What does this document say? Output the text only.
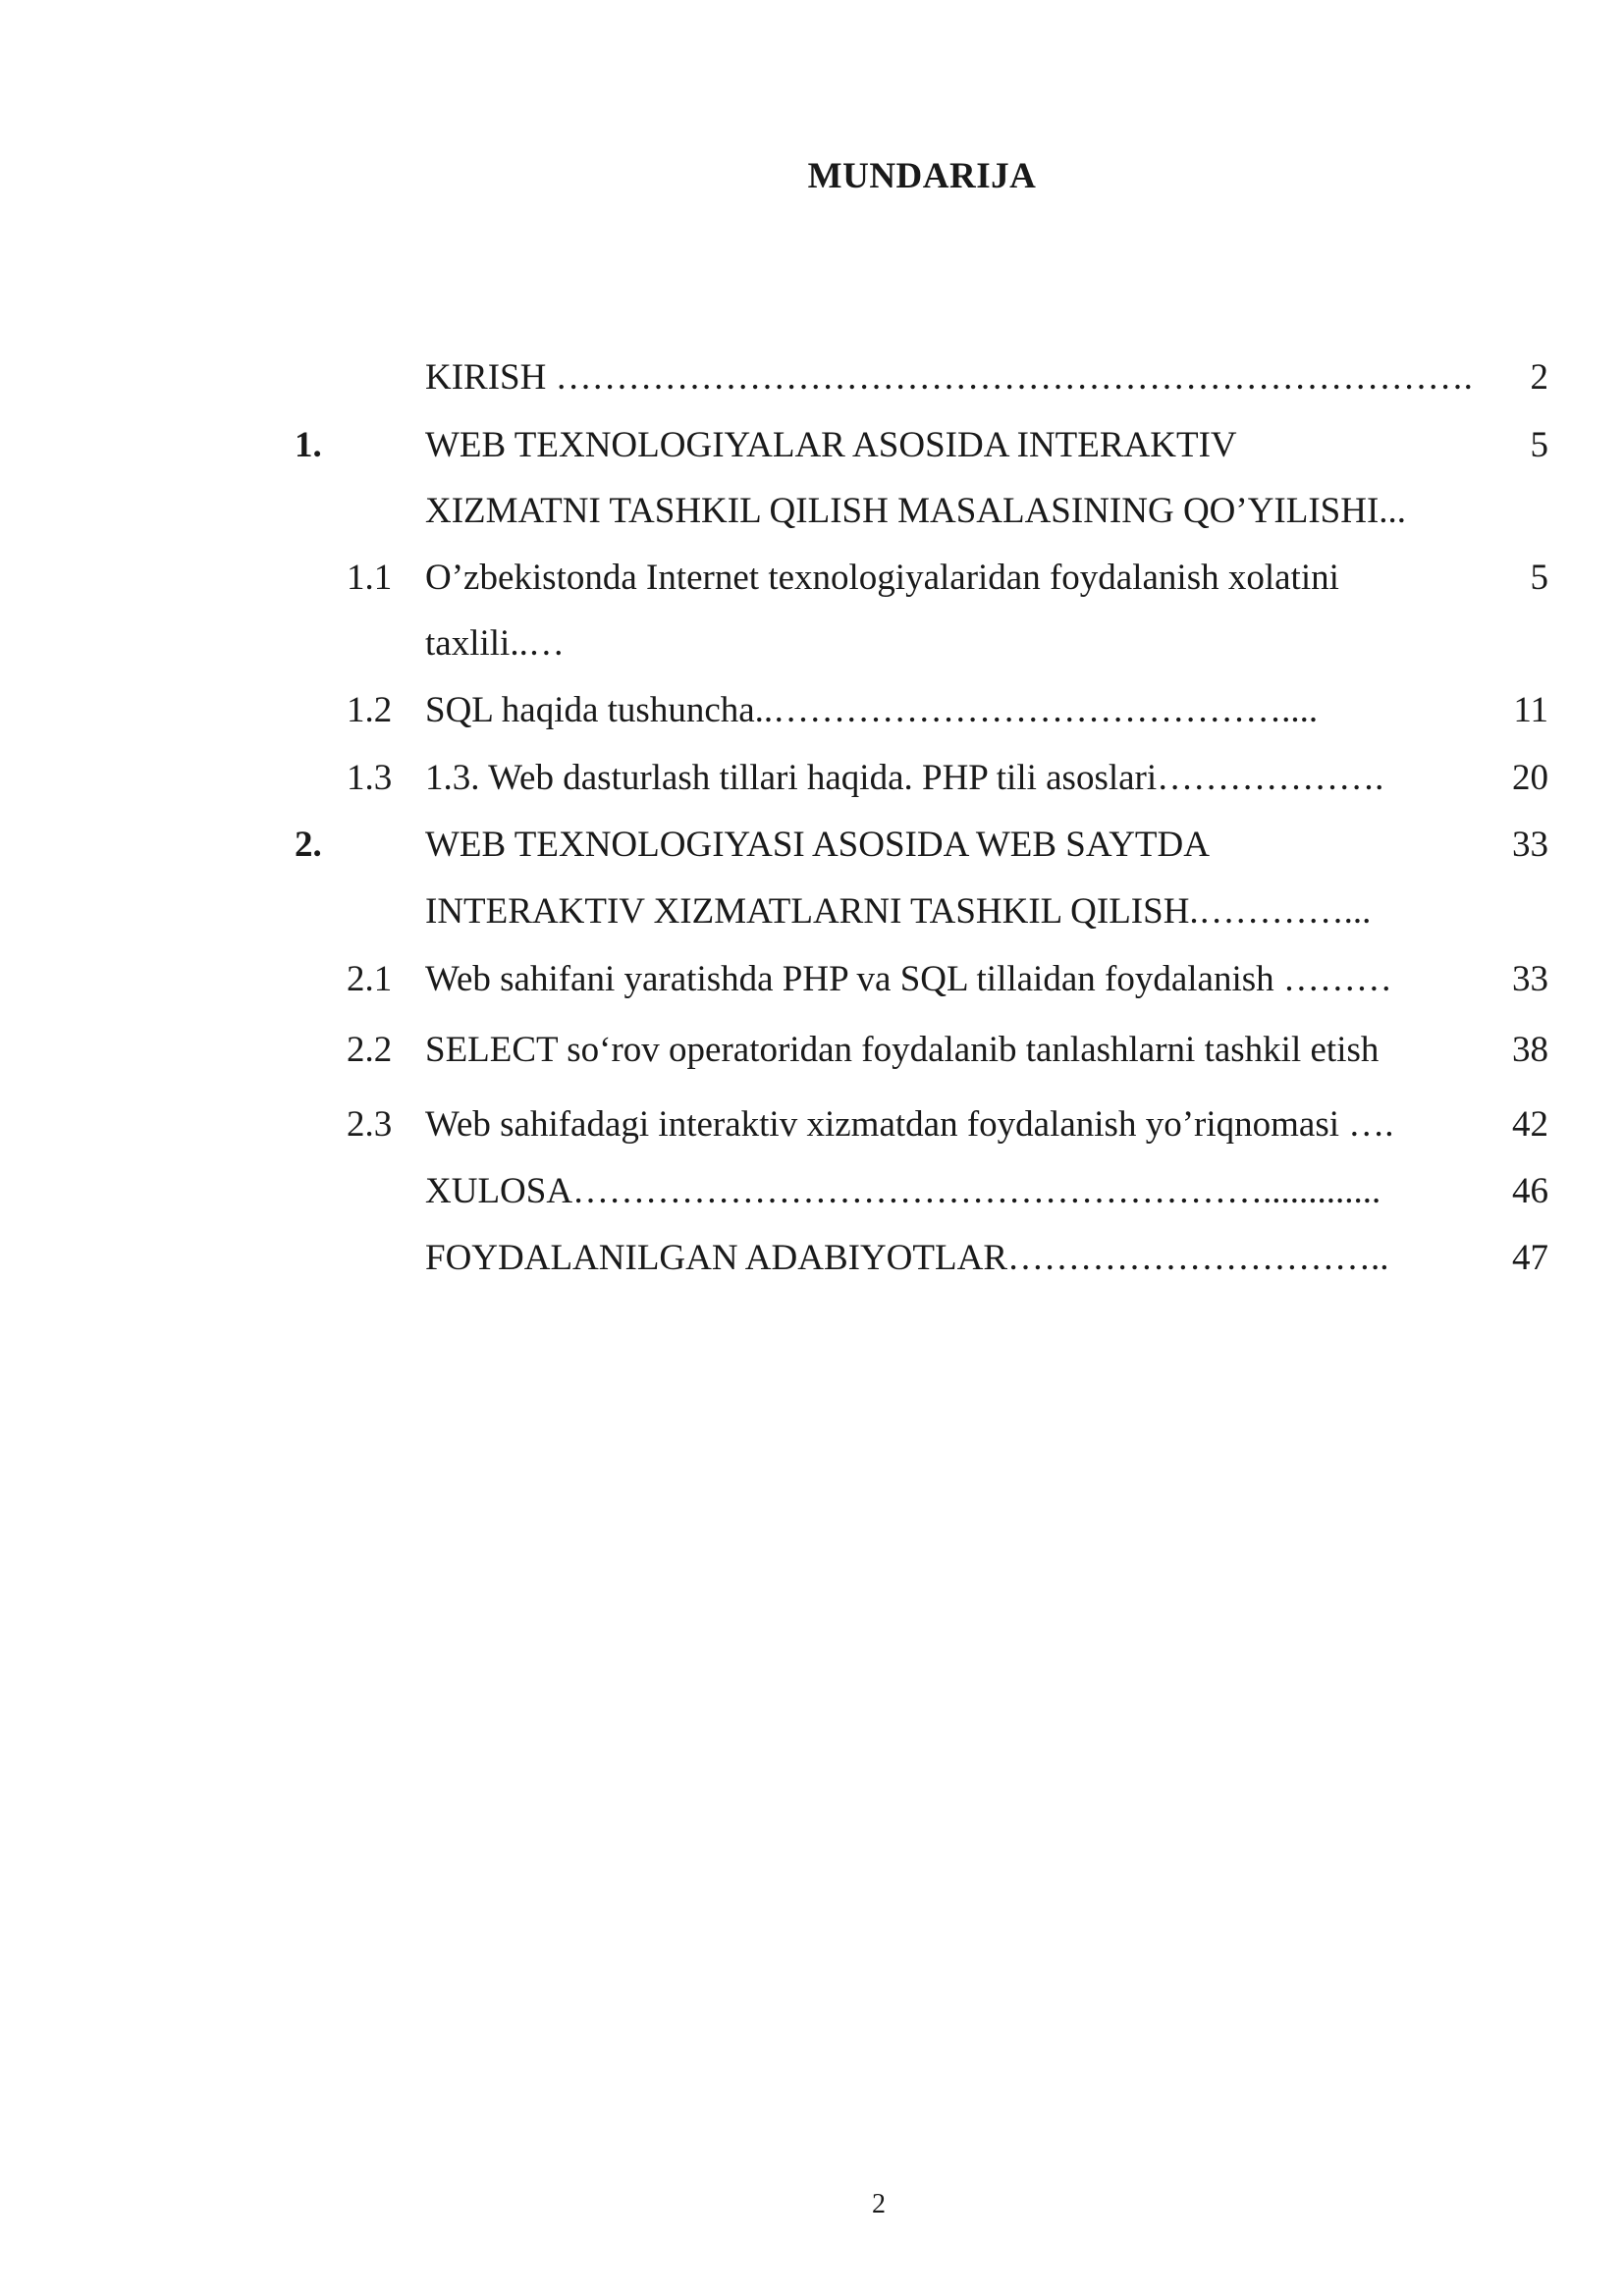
MUNDARIJA
KIRISH …………………………………………………………………. 2
1.	WEB TEXNOLOGIYALAR ASOSIDA INTERAKTIV	5
XIZMATNI TASHKIL QILISH MASALASINING QO’YILISHI...
1.1 O’zbekistonda Internet texnologiyalaridan foydalanish xolatini	5
taxlili..…
1.2 SQL haqida tushuncha..……………………………………....	11
1.3 1.3. Web dasturlash tillari haqida. PHP tili asoslari……………….	20
2.	WEB TEXNOLOGIYASI ASOSIDA WEB SAYTDA	33
INTERAKTIV XIZMATLARNI TASHKIL QILISH.…………...
2.1 Web sahifani yaratishda PHP va SQL tillaidan foydalanish ………	33
2.2 SELECT so‘rov operatoridan foydalanib tanlashlarni tashkil etish	38
2.3 Web sahifadagi interaktiv xizmatdan foydalanish yo’riqnomasi ….	42
XULOSA………………………………………………….............	46
FOYDALANILGAN ADABIYOTLAR…………………………..	47
2
